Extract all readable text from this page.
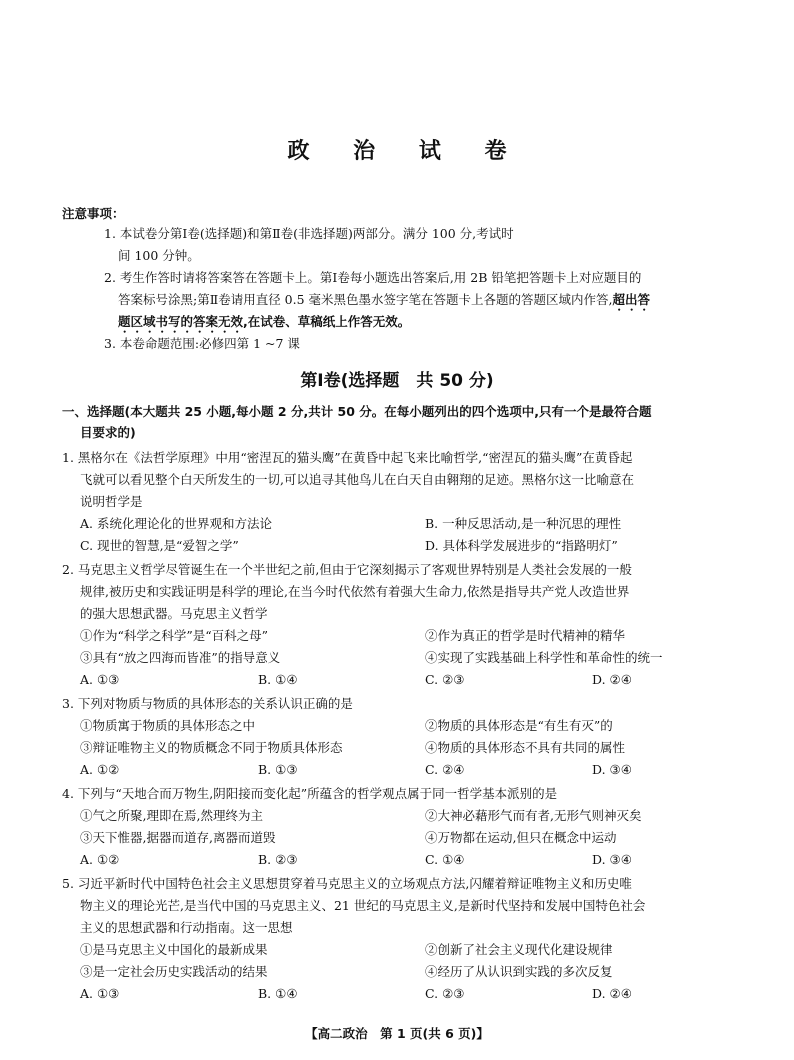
政 治 试 卷
注意事项：
1. 本试卷分第Ⅰ卷(选择题)和第Ⅱ卷(非选择题)两部分。满分 100 分,考试时
间 100 分钟。
2. 考生作答时请将答案答在答题卡上。第Ⅰ卷每小题选出答案后,用 2B 铅笔把答题卡上对应题目的
答案标号涂黑;第Ⅱ卷请用直径 0.5 毫米黑色墨水签字笔在答题卡上各题的答题区域内作答,超出答
题区域书写的答案无效,在试卷、草稿纸上作答无效。
3. 本卷命题范围:必修四第 1 ~7 课
第Ⅰ卷(选择题　共 50 分)
一、选择题(本大题共 25 小题,每小题 2 分,共计 50 分。在每小题列出的四个选项中,只有一个是最符合题
目要求的)
1. 黑格尔在《法哲学原理》中用“密涅瓦的猫头鹰”在黄昏中起飞来比喻哲学,“密涅瓦的猫头鹰”在黄昏起
飞就可以看见整个白天所发生的一切,可以追寻其他鸟儿在白天自由翱翔的足迹。黑格尔这一比喻意在
说明哲学是
A. 系统化理论化的世界观和方法论	B. 一种反思活动,是一种沉思的理性
C. 现世的智慧,是“爱智之学”	D. 具体科学发展进步的“指路明灯”
2. 马克思主义哲学尽管诞生在一个半世纪之前,但由于它深刻揭示了客观世界特别是人类社会发展的一般
规律,被历史和实践证明是科学的理论,在当今时代依然有着强大生命力,依然是指导共产党人改造世界
的强大思想武器。马克思主义哲学
①作为“科学之科学”是“百科之母”	②作为真正的哲学是时代精神的精华
③具有“放之四海而皆准”的指导意义	④实现了实践基础上科学性和革命性的统一
A. ①③	B. ①④	C. ②③	D. ②④
3. 下列对物质与物质的具体形态的关系认识正确的是
①物质寓于物质的具体形态之中	②物质的具体形态是“有生有灭”的
③辩证唯物主义的物质概念不同于物质具体形态	④物质的具体形态不具有共同的属性
A. ①②	B. ①③	C. ②④	D. ③④
4. 下列与“天地合而万物生,阴阳接而变化起”所蕴含的哲学观点属于同一哲学基本派别的是
①气之所聚,理即在焉,然理终为主	②大神必藉形气而有者,无形气则神灭矣
③天下惟器,据器而道存,离器而道毁	④万物都在运动,但只在概念中运动
A. ①②	B. ②③	C. ①④	D. ③④
5. 习近平新时代中国特色社会主义思想贯穿着马克思主义的立场观点方法,闪耀着辩证唯物主义和历史唯
物主义的理论光芒,是当代中国的马克思主义、21 世纪的马克思主义,是新时代坚持和发展中国特色社会
主义的思想武器和行动指南。这一思想
①是马克思主义中国化的最新成果	②创新了社会主义现代化建设规律
③是一定社会历史实践活动的结果	④经历了从认识到实践的多次反复
A. ①③	B. ①④	C. ②③	D. ②④
【高二政治　第 1 页(共 6 页)】
